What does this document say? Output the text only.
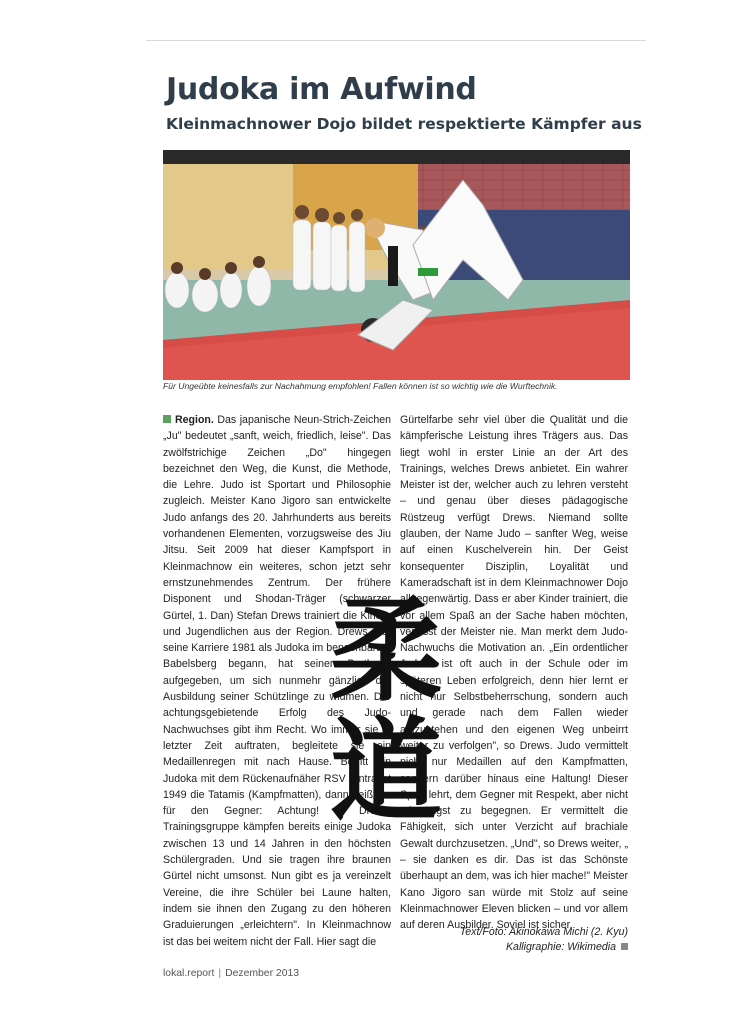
Judoka im Aufwind
Kleinmachnower Dojo bildet respektierte Kämpfer aus
Für Ungeübte keinesfalls zur Nachahmung empfohlen! Fallen können ist so wichtig wie die Wurftechnik.

Region. Das japanische Neun-Strich-Zeichen „Ju" bedeutet „sanft, weich, friedlich, leise". Das zwölfstrichige Zeichen „Do" hingegen bezeichnet den Weg, die Kunst, die Methode, die Lehre. Judo ist Sportart und Philosophie zugleich. Meister Kano Jigoro san entwickelte Judo anfangs des 20. Jahrhunderts aus bereits vorhandenen Elementen, vorzugsweise des Jiu Jitsu. Seit 2009 hat dieser Kampfsport in Kleinmachnow ein weiteres, schon jetzt sehr ernstzunehmendes Zentrum. Der frühere Disponent und Shodan-Träger (schwarzer Gürtel, 1. Dan) Stefan Drews trainiert die Kinder und Jugendlichen aus der Region. Drews, der seine Karriere 1981 als Judoka im benachbarten Babelsberg begann, hat seinen Brotberuf aufgegeben, um sich nunmehr gänzlich der Ausbildung seiner Schützlinge zu widmen. Der achtungsgebietende Erfolg des Judo-Nachwuchses gibt ihm Recht. Wo immer sie in letzter Zeit auftraten, begleitete sie ein Medaillenregen mit nach Hause. Betritt ein Judoka mit dem Rückenaufnäher RSV Eintracht 1949 die Tatamis (Kampfmatten), dann heißt es für den Gegner: Achtung! In Drews' Trainingsgruppe kämpfen bereits einige Judoka zwischen 13 und 14 Jahren in den höchsten Schülergraden. Und sie tragen ihre braunen Gürtel nicht umsonst. Nun gibt es ja vereinzelt Vereine, die ihre Schüler bei Laune halten, indem sie ihnen den Zugang zu den höheren Graduierungen „erleichtern". In Kleinmachnow ist das bei weitem nicht der Fall. Hier sagt die

Gürtelfarbe sehr viel über die Qualität und die kämpferische Leistung ihres Trägers aus. Das liegt wohl in erster Linie an der Art des Trainings, welches Drews anbietet. Ein wahrer Meister ist der, welcher auch zu lehren versteht – und genau über dieses pädagogische Rüstzeug verfügt Drews. Niemand sollte glauben, der Name Judo – sanfter Weg, weise auf einen Kuschelverein hin. Der Geist konsequenter Disziplin, Loyalität und Kameradschaft ist in dem Kleinmachnower Dojo allgegenwärtig. Dass er aber Kinder trainiert, die vor allem Spaß an der Sache haben möchten, vergisst der Meister nie. Man merkt dem Judo-Nachwuchs die Motivation an. „Ein ordentlicher Judoka ist oft auch in der Schule oder im späteren Leben erfolgreich, denn hier lernt er nicht nur Selbstbeherrschung, sondern auch und gerade nach dem Fallen wieder aufzustehen und den eigenen Weg unbeirrt weiter zu verfolgen", so Drews. Judo vermittelt nicht nur Medaillen auf den Kampfmatten, sondern darüber hinaus eine Haltung! Dieser Sport lehrt, dem Gegner mit Respekt, aber nicht mit Angst zu begegnen. Er vermittelt die Fähigkeit, sich unter Verzicht auf brachiale Gewalt durchzusetzen. „Und", so Drews weiter, „ – sie danken es dir. Das ist das Schönste überhaupt an dem, was ich hier mache!" Meister Kano Jigoro san würde mit Stolz auf seine Kleinmachnower Eleven blicken – und vor allem auf deren Ausbilder. Soviel ist sicher.

柔
道
Text/Foto: Akinokawa Michi (2. Kyu)
Kalligraphie: Wikimedia
lokal.report | Dezember 2013
